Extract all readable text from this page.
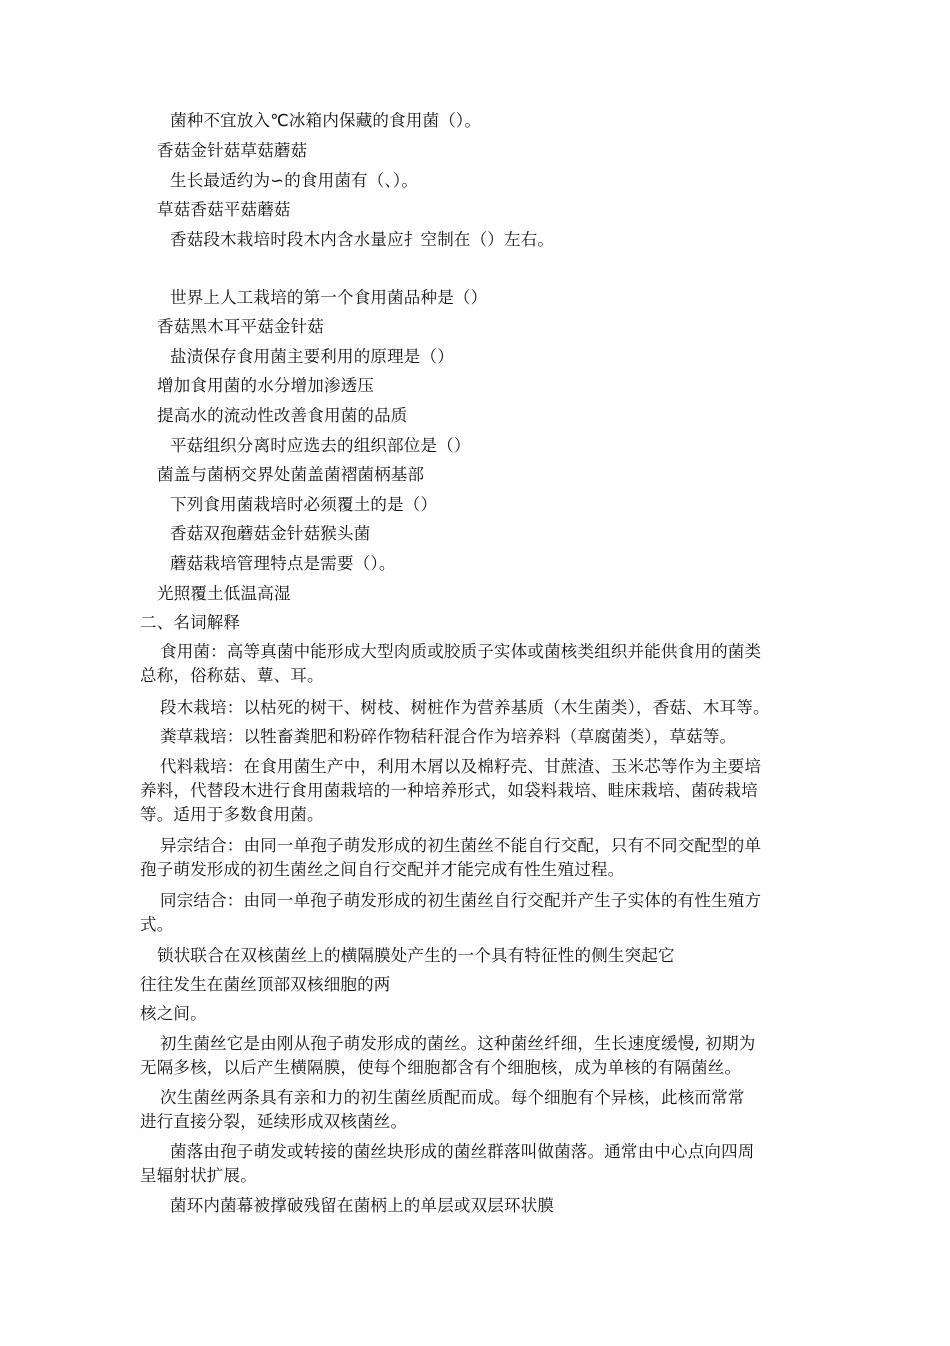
菌种不宜放入℃冰箱内保藏的食用菌（）。
香菇金针菇草菇蘑菇
生长最适约为∽的食用菌有（、）。
草菇香菇平菇蘑菇
香菇段木栽培时段木内含水量应扌空制在（）左右。
世界上人工栽培的第一个食用菌品种是（）
香菇黑木耳平菇金针菇
盐渍保存食用菌主要利用的原理是（）
增加食用菌的水分增加渗透压
提高水的流动性改善食用菌的品质
平菇组织分离时应选去的组织部位是（）
菌盖与菌柄交界处菌盖菌褶菌柄基部
下列食用菌栽培时必须覆土的是（）
香菇双孢蘑菇金针菇猴头菌
蘑菇栽培管理特点是需要（）。
光照覆土低温高湿
二、名词解释
食用菌：高等真菌中能形成大型肉质或胶质子实体或菌核类组织并能供食用的菌类
总称，俗称菇、蕈、耳。
段木栽培：以枯死的树干、树枝、树桩作为营养基质（木生菌类），香菇、木耳等。
粪草栽培：以牲畜粪肥和粉碎作物秸秆混合作为培养料（草腐菌类），草菇等。
代料栽培：在食用菌生产中，利用木屑以及棉籽壳、甘蔗渣、玉米芯等作为主要培
养料，代替段木进行食用菌栽培的一种培养形式，如袋料栽培、畦床栽培、菌砖栽培
等。适用于多数食用菌。
异宗结合：由同一单孢子萌发形成的初生菌丝不能自行交配，只有不同交配型的单
孢子萌发形成的初生菌丝之间自行交配并才能完成有性生殖过程。
同宗结合：由同一单孢子萌发形成的初生菌丝自行交配并产生子实体的有性生殖方
式。
锁状联合在双核菌丝上的横隔膜处产生的一个具有特征性的侧生突起它
往往发生在菌丝顶部双核细胞的两
核之间。
初生菌丝它是由刚从孢子萌发形成的菌丝。这种菌丝纤细，生长速度缓慢, 初期为
无隔多核，以后产生横隔膜，使每个细胞都含有个细胞核，成为单核的有隔菌丝。
次生菌丝两条具有亲和力的初生菌丝质配而成。每个细胞有个异核，此核而常常
进行直接分裂，延续形成双核菌丝。
菌落由孢子萌发或转接的菌丝块形成的菌丝群落叫做菌落。通常由中心点向四周
呈辐射状扩展。
菌环内菌幕被撑破残留在菌柄上的单层或双层环状膜
